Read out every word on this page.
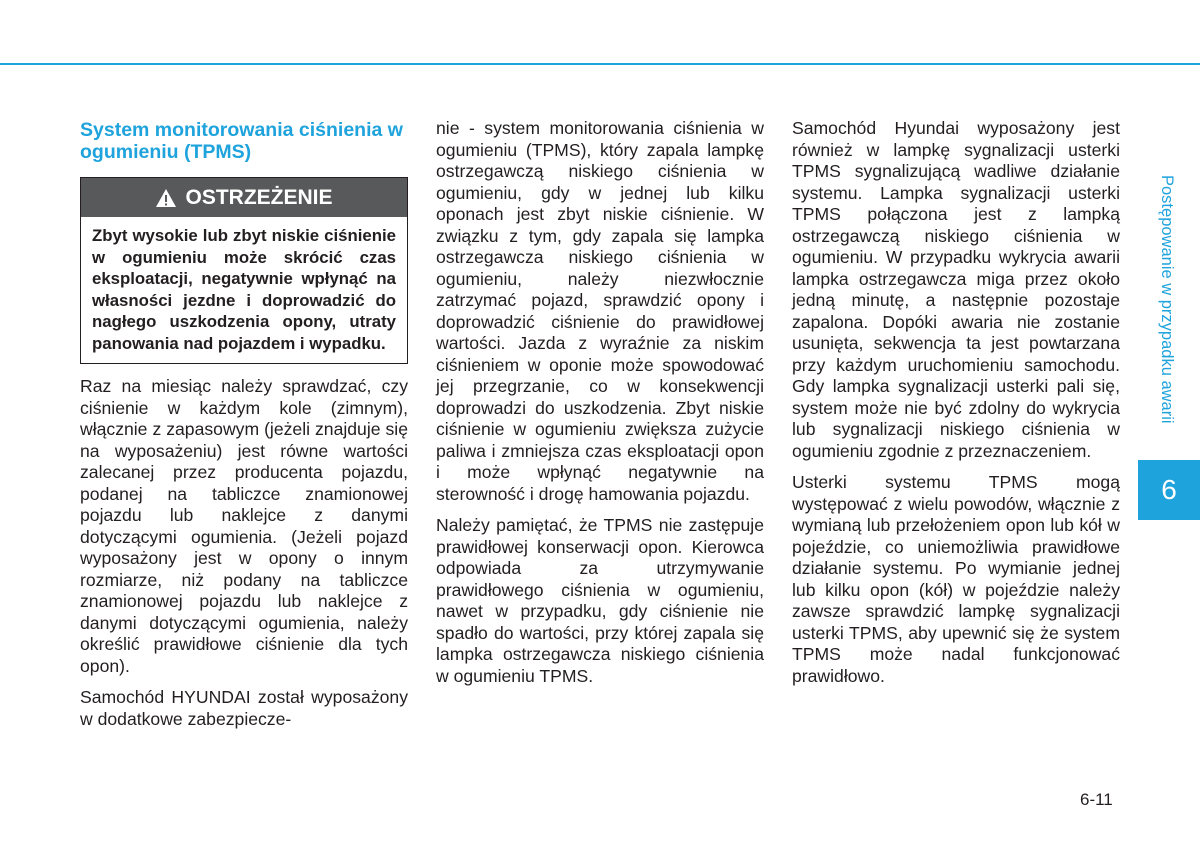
System monitorowania ciśnienia w ogumieniu (TPMS)
OSTRZEŻENIE
Zbyt wysokie lub zbyt niskie ciśnienie w ogumieniu może skrócić czas eksploatacji, negatywnie wpłynąć na własności jezdne i doprowadzić do nagłego uszkodzenia opony, utraty panowania nad pojazdem i wypadku.

Raz na miesiąc należy sprawdzać, czy ciśnienie w każdym kole (zimnym), włącznie z zapasowym (jeżeli znajduje się na wyposażeniu) jest równe wartości zalecanej przez producenta pojazdu, podanej na tabliczce znamionowej pojazdu lub naklejce z danymi dotyczącymi ogumienia. (Jeżeli pojazd wyposażony jest w opony o innym rozmiarze, niż podany na tabliczce znamionowej pojazdu lub naklejce z danymi dotyczącymi ogumienia, należy określić prawidłowe ciśnienie dla tych opon).

Samochód HYUNDAI został wyposażony w dodatkowe zabezpiecze-

nie - system monitorowania ciśnienia w ogumieniu (TPMS), który zapala lampkę ostrzegawczą niskiego ciśnienia w ogumieniu, gdy w jednej lub kilku oponach jest zbyt niskie ciśnienie. W związku z tym, gdy zapala się lampka ostrzegawcza niskiego ciśnienia w ogumieniu, należy niezwłocznie zatrzymać pojazd, sprawdzić opony i doprowadzić ciśnienie do prawidłowej wartości. Jazda z wyraźnie za niskim ciśnieniem w oponie może spowodować jej przegrzanie, co w konsekwencji doprowadzi do uszkodzenia. Zbyt niskie ciśnienie w ogumieniu zwiększa zużycie paliwa i zmniejsza czas eksploatacji opon i może wpłynąć negatywnie na sterowność i drogę hamowania pojazdu.

Należy pamiętać, że TPMS nie zastępuje prawidłowej konserwacji opon. Kierowca odpowiada za utrzymywanie prawidłowego ciśnienia w ogumieniu, nawet w przypadku, gdy ciśnienie nie spadło do wartości, przy której zapala się lampka ostrzegawcza niskiego ciśnienia w ogumieniu TPMS.

Samochód Hyundai wyposażony jest również w lampkę sygnalizacji usterki TPMS sygnalizującą wadliwe działanie systemu. Lampka sygnalizacji usterki TPMS połączona jest z lampką ostrzegawczą niskiego ciśnienia w ogumieniu. W przypadku wykrycia awarii lampka ostrzegawcza miga przez około jedną minutę, a następnie pozostaje zapalona. Dopóki awaria nie zostanie usunięta, sekwencja ta jest powtarzana przy każdym uruchomieniu samochodu. Gdy lampka sygnalizacji usterki pali się, system może nie być zdolny do wykrycia lub sygnalizacji niskiego ciśnienia w ogumieniu zgodnie z przeznaczeniem.

Usterki systemu TPMS mogą występować z wielu powodów, włącznie z wymianą lub przełożeniem opon lub kół w pojeździe, co uniemożliwia prawidłowe działanie systemu. Po wymianie jednej lub kilku opon (kół) w pojeździe należy zawsze sprawdzić lampkę sygnalizacji usterki TPMS, aby upewnić się że system TPMS może nadal funkcjonować prawidłowo.

Postępowanie w przypadku awarii
6
6-11
